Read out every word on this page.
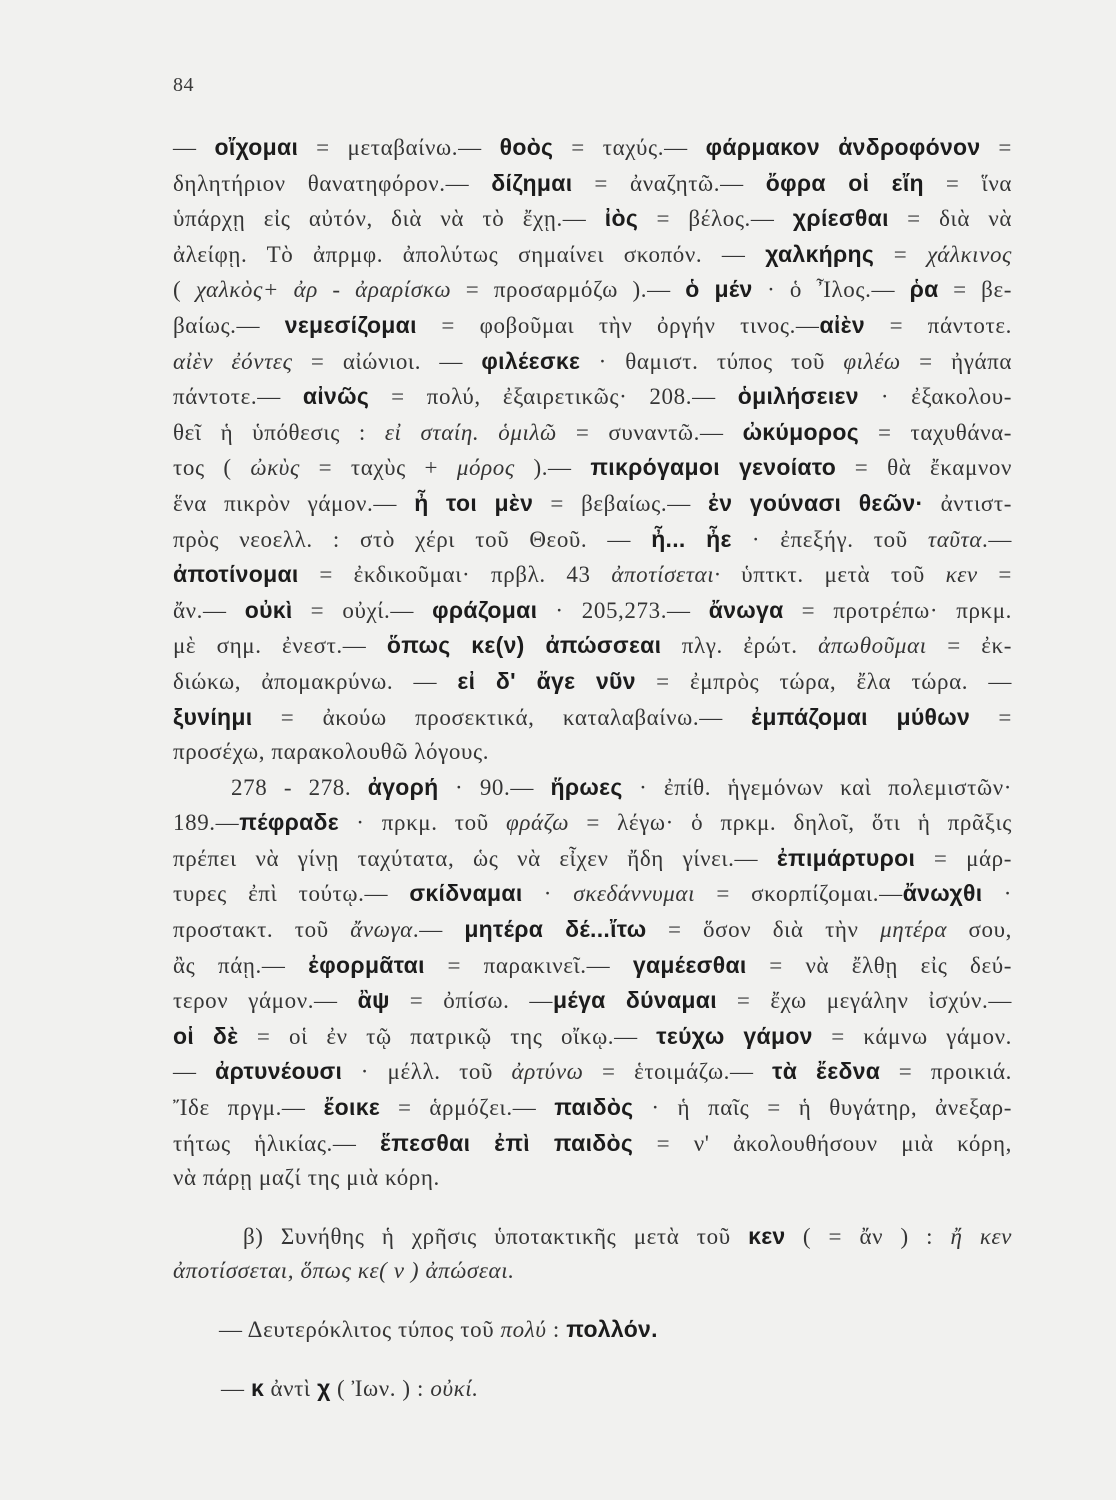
84
— οἴχομαι = μεταβαίνω.— θοὸς = ταχύς.— φάρμακον ἀνδροφόνον =
δηλητήριον θανατηφόρον.— δίζημαι = ἀναζητῶ.— ὄφρα οἱ εἴη = ἵνα
ὑπάρχῃ εἰς αὐτόν, διὰ νὰ τὸ ἔχῃ.— ἰὸς = βέλος.— χρίεσθαι = διὰ νὰ
ἀλείφῃ. Τὸ ἀπρμφ. ἀπολύτως σημαίνει σκοπόν. — χαλκήρης = χάλκινος
( χαλκὸς+ ἀρ - ἀραρίσκω = προσαρμόζω ).— ὁ μέν · ὁ Ἶλος.— ῥα = βε-
βαίως.— νεμεσίζομαι = φοβοῦμαι τὴν ὀργήν τινος.—αἰὲν = πάντοτε.
αἰὲν ἐόντες = αἰώνιοι. — φιλέεσκε · θαμιστ. τύπος τοῦ φιλέω = ἠγάπα
πάντοτε.— αἰνῶς = πολύ, ἐξαιρετικῶς· 208.— ὁμιλήσειεν · ἐξακολου-
θεῖ ἡ ὑπόθεσις : εἰ σταίη. ὁμιλῶ = συναντῶ.— ὠκύμορος = ταχυθάνα-
τος ( ὠκὺς = ταχὺς + μόρος ).— πικρόγαμοι γενοίατο = θὰ ἔκαμνον
ἕνα πικρὸν γάμον.— ἦ τοι μὲν = βεβαίως.— ἐν γούνασι θεῶν· ἀντιστ-
πρὸς νεοελλ. : στὸ χέρι τοῦ Θεοῦ. — ἦ... ἦε · ἐπεξήγ. τοῦ ταῦτα.—
ἀποτίνομαι = ἐκδικοῦμαι· πρβλ. 43 ἀποτίσεται· ὑπτκτ. μετὰ τοῦ κεν =
ἄν.— οὐκὶ = οὐχί.— φράζομαι · 205,273.— ἄνωγα = προτρέπω· πρκμ.
μὲ σημ. ἐνεστ.— ὅπως κε(ν) ἀπώσσεαι πλγ. ἐρώτ. ἀπωθοῦμαι = ἐκ-
διώκω, ἀπομακρύνω. — εἰ δ' ἄγε νῦν = ἐμπρὸς τώρα, ἔλα τώρα. —
ξυνίημι = ἀκούω προσεκτικά, καταλαβαίνω.— ἐμπάζομαι μύθων =
προσέχω, παρακολουθῶ λόγους.
278 - 278. ἀγορή · 90.— ἥρωες · ἐπίθ. ἡγεμόνων καὶ πολεμιστῶν·
189.—πέφραδε · πρκμ. τοῦ φράζω = λέγω· ὁ πρκμ. δηλοῖ, ὅτι ἡ πρᾶξις
πρέπει νὰ γίνῃ ταχύτατα, ὡς νὰ εἶχεν ἤδη γίνει.— ἐπιμάρτυροι = μάρ-
τυρες ἐπὶ τούτῳ.— σκίδναμαι · σκεδάννυμαι = σκορπίζομαι.—ἄνωχθι ·
προστακτ. τοῦ ἄνωγα.— μητέρα δέ...ἴτω = ὅσον διὰ τὴν μητέρα σου,
ἂς πάῃ.— ἐφορμᾶται = παρακινεῖ.— γαμέεσθαι = νὰ ἔλθῃ εἰς δεύ-
τερον γάμον.— ἂψ = ὀπίσω. —μέγα δύναμαι = ἔχω μεγάλην ἰσχύν.—
οἱ δὲ = οἱ ἐν τῷ πατρικῷ της οἴκῳ.— τεύχω γάμον = κάμνω γάμον.
— ἀρτυνέουσι · μέλλ. τοῦ ἀρτύνω = ἑτοιμάζω.— τὰ ἔεδνα = προικιά.
Ἴδε πργμ.— ἔοικε = ἁρμόζει.— παιδὸς · ἡ παῖς = ἡ θυγάτηρ, ἀνεξαρ-
τήτως ἡλικίας.— ἕπεσθαι ἐπὶ παιδὸς = ν' ἀκολουθήσουν μιὰ κόρη,
νὰ πάρῃ μαζί της μιὰ κόρη.
β) Συνήθης ἡ χρῆσις ὑποτακτικῆς μετὰ τοῦ κεν ( = ἄν ) : ἤ κεν
ἀποτίσσεται, ὅπως κε( ν ) ἀπώσεαι.
— Δευτερόκλιτος τύπος τοῦ πολύ : πολλόν.
— κ ἀντὶ χ ( Ἰων. ) : οὐκί.
